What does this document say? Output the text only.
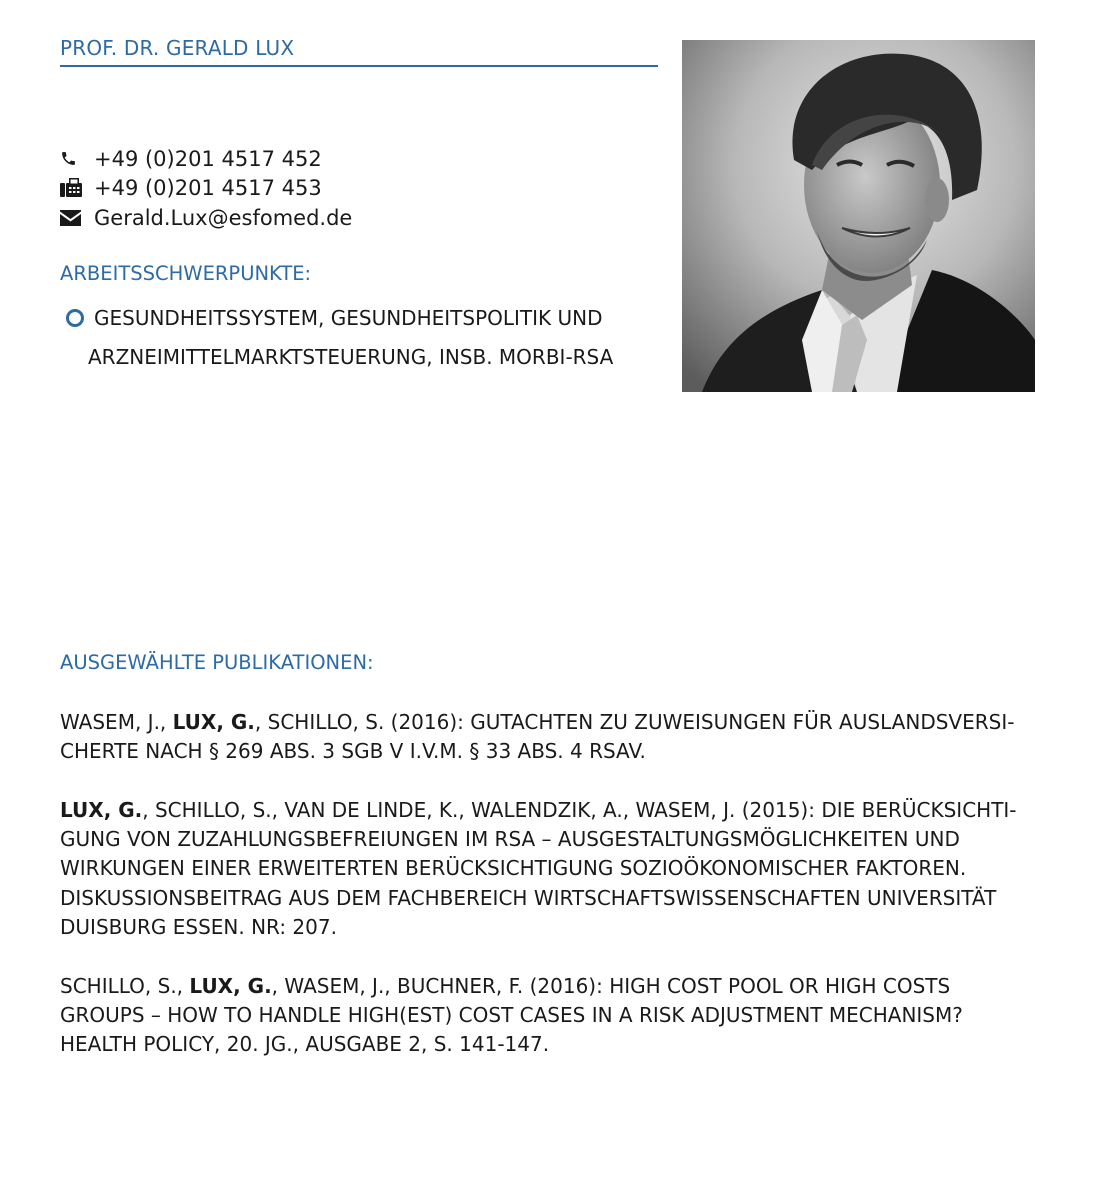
PROF. DR. GERALD LUX
+49 (0)201 4517 452
+49 (0)201 4517 453
Gerald.Lux@esfomed.de
ARBEITSSCHWERPUNKTE:
GESUNDHEITSSYSTEM, GESUNDHEITSPOLITIK UND
ARZNEIMITTELMARKTSTEUERUNG, INSB. MORBI-RSA
AUSGEWÄHLTE PUBLIKATIONEN:
WASEM, J., LUX, G., SCHILLO, S. (2016): GUTACHTEN ZU ZUWEISUNGEN FÜR AUSLANDSVERSI-
CHERTE NACH § 269 ABS. 3 SGB V I.V.M. § 33 ABS. 4 RSAV.
LUX, G., SCHILLO, S., VAN DE LINDE, K., WALENDZIK, A., WASEM, J. (2015): DIE BERÜCKSICHTI-
GUNG VON ZUZAHLUNGSBEFREIUNGEN IM RSA – AUSGESTALTUNGSMÖGLICHKEITEN UND
WIRKUNGEN EINER ERWEITERTEN BERÜCKSICHTIGUNG SOZIOÖKONOMISCHER FAKTOREN.
DISKUSSIONSBEITRAG AUS DEM FACHBEREICH WIRTSCHAFTSWISSENSCHAFTEN UNIVERSITÄT
DUISBURG ESSEN. NR: 207.
SCHILLO, S., LUX, G., WASEM, J., BUCHNER, F. (2016): HIGH COST POOL OR HIGH COSTS
GROUPS – HOW TO HANDLE HIGH(EST) COST CASES IN A RISK ADJUSTMENT MECHANISM?
HEALTH POLICY, 20. JG., AUSGABE 2, S. 141-147.
